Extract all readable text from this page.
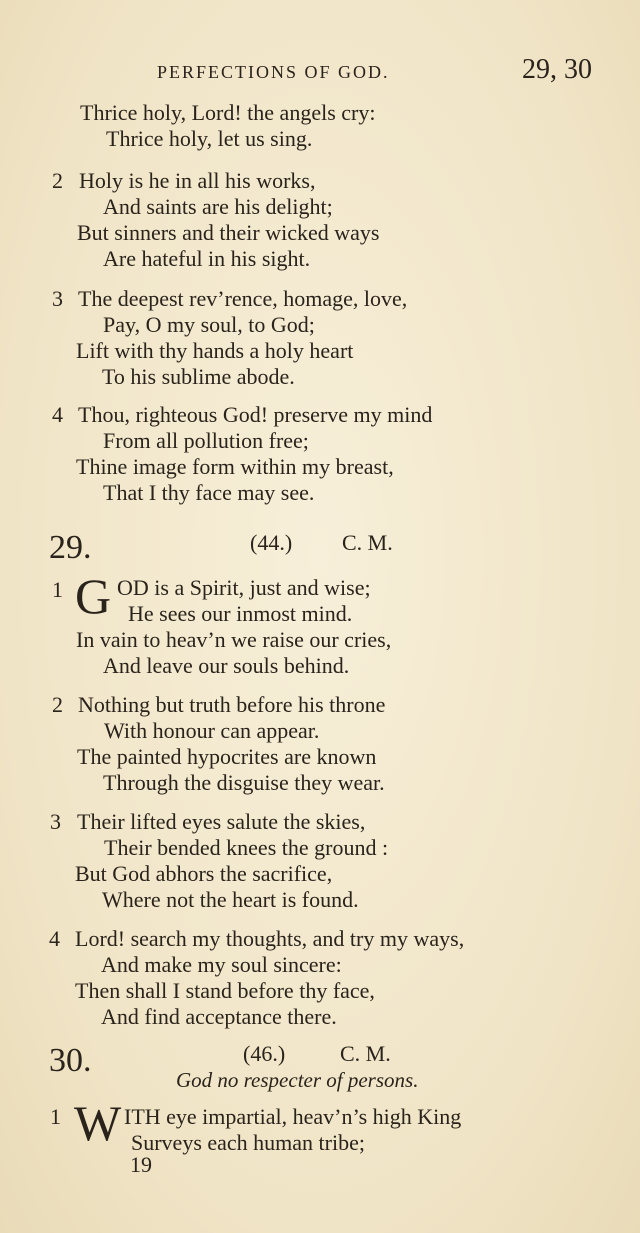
PERFECTIONS OF GOD.	29, 30
Thrice holy, Lord! the angels cry:
Thrice holy, let us sing.
2 Holy is he in all his works,
And saints are his delight;
But sinners and their wicked ways
Are hateful in his sight.
3 The deepest rev’rence, homage, love,
Pay, O my soul, to God;
Lift with thy hands a holy heart
To his sublime abode.
4 Thou, righteous God! preserve my mind
From all pollution free;
Thine image form within my breast,
That I thy face may see.
29.	(44.) C. M.
1 G OD is a Spirit, just and wise;
He sees our inmost mind.
In vain to heav’n we raise our cries,
And leave our souls behind.
2 Nothing but truth before his throne
With honour can appear.
The painted hypocrites are known
Through the disguise they wear.
3 Their lifted eyes salute the skies,
Their bended knees the ground :
But God abhors the sacrifice,
Where not the heart is found.
4 Lord! search my thoughts, and try my ways,
And make my soul sincere:
Then shall I stand before thy face,
And find acceptance there.
30.	(46.) C. M.
God no respecter of persons.
1 W ITH eye impartial, heav’n’s high King
Surveys each human tribe;
19
